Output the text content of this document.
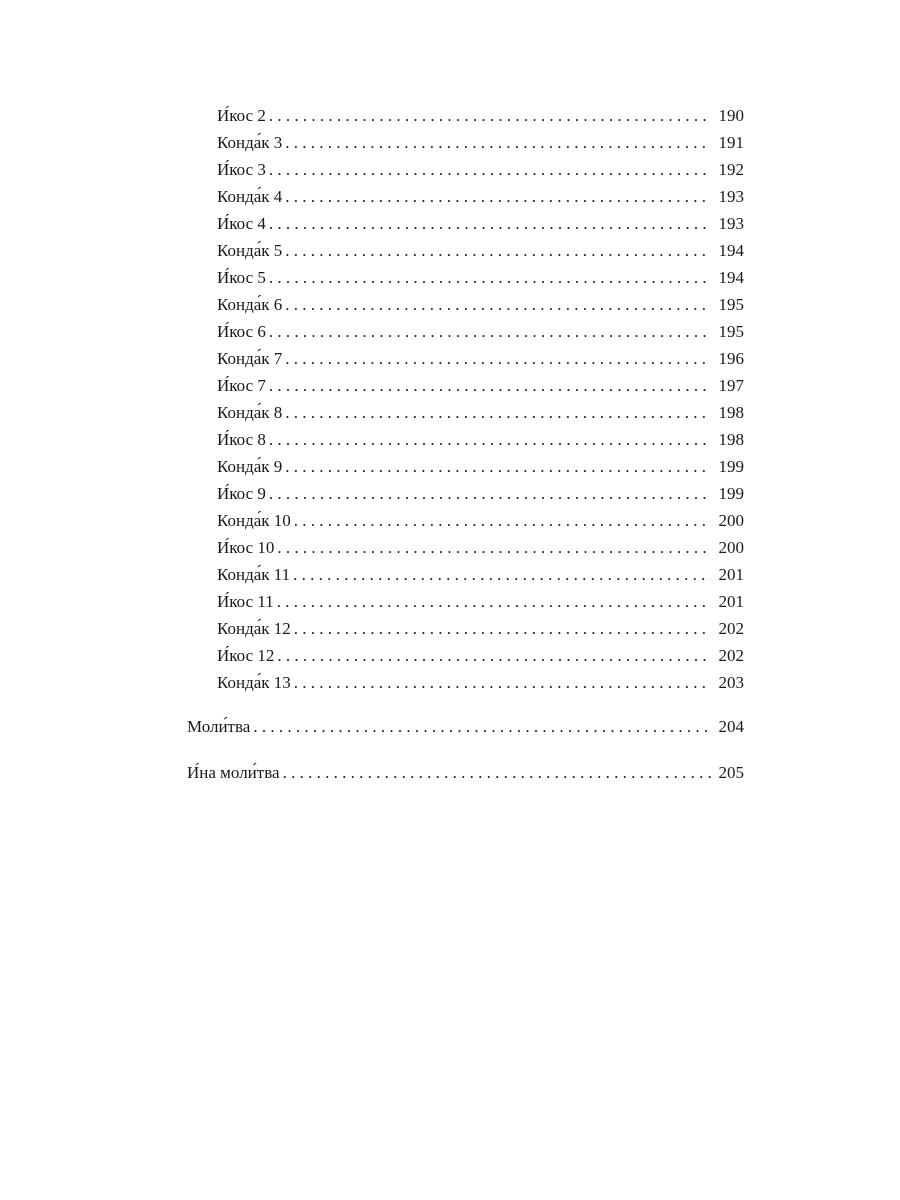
И́кос 2 . . .	190
Конда́к 3 . . .	191
И́кос 3 . . .	192
Конда́к 4 . . .	193
И́кос 4 . . .	193
Конда́к 5 . . .	194
И́кос 5 . . .	194
Конда́к 6 . . .	195
И́кос 6 . . .	195
Конда́к 7 . . .	196
И́кос 7 . . .	197
Конда́к 8 . . .	198
И́кос 8 . . .	198
Конда́к 9 . . .	199
И́кос 9 . . .	199
Конда́к 10 . . .	200
И́кос 10 . . .	200
Конда́к 11 . . .	201
И́кос 11 . . .	201
Конда́к 12 . . .	202
И́кос 12 . . .	202
Конда́к 13 . . .	203
Моли́тва . . .	204
И́на моли́тва . . .	205
